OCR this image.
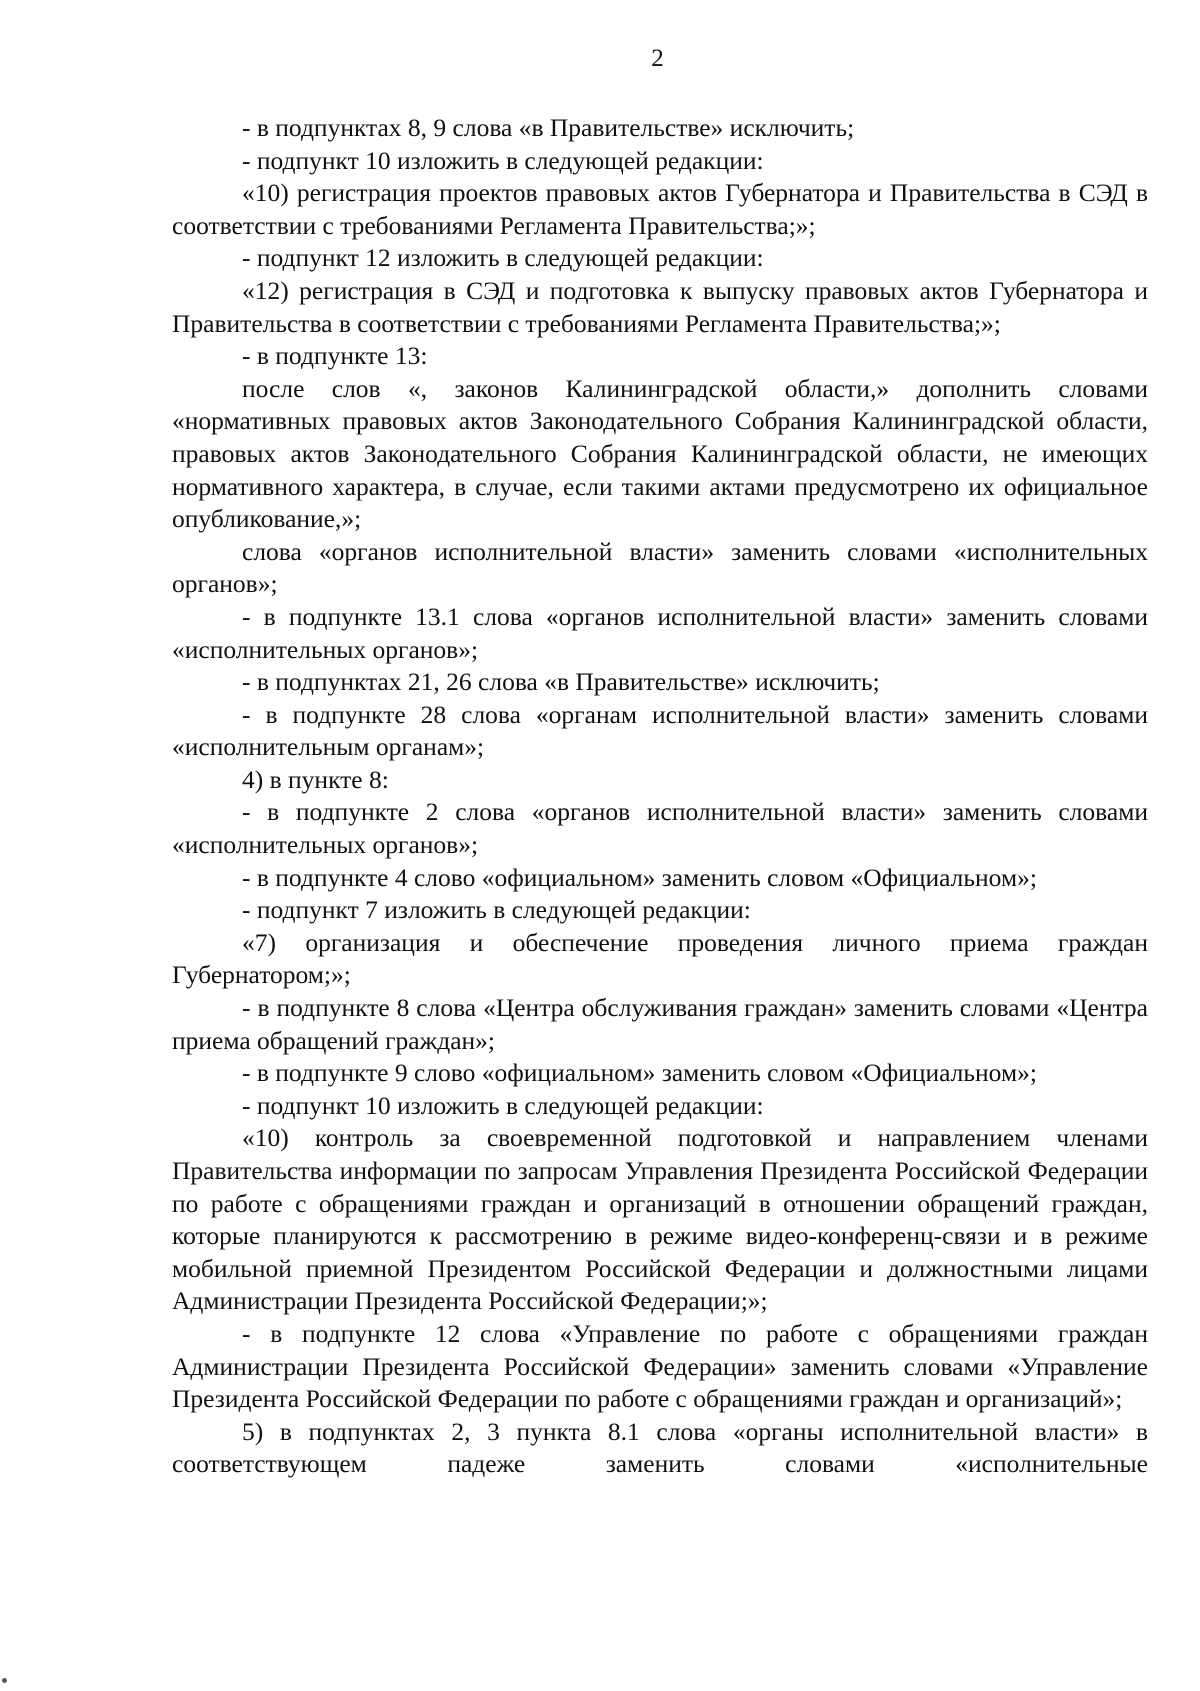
2

- в подпунктах 8, 9 слова «в Правительстве» исключить;

- подпункт 10 изложить в следующей редакции:

«10) регистрация проектов правовых актов Губернатора и Правительства в СЭД в соответствии с требованиями Регламента Правительства;»;

- подпункт 12 изложить в следующей редакции:

«12) регистрация в СЭД и подготовка к выпуску правовых актов Губернатора и Правительства в соответствии с требованиями Регламента Правительства;»;

- в подпункте 13:

после слов «, законов Калининградской области,» дополнить словами «нормативных правовых актов Законодательного Собрания Калининградской области, правовых актов Законодательного Собрания Калининградской области, не имеющих нормативного характера, в случае, если такими актами предусмотрено их официальное опубликование,»;

слова «органов исполнительной власти» заменить словами «исполнительных органов»;

- в подпункте 13.1 слова «органов исполнительной власти» заменить словами «исполнительных органов»;

- в подпунктах 21, 26 слова «в Правительстве» исключить;

- в подпункте 28 слова «органам исполнительной власти» заменить словами «исполнительным органам»;

4) в пункте 8:

- в подпункте 2 слова «органов исполнительной власти» заменить словами «исполнительных органов»;

- в подпункте 4 слово «официальном» заменить словом «Официальном»;

- подпункт 7 изложить в следующей редакции:

«7) организация и обеспечение проведения личного приема граждан Губернатором;»;

- в подпункте 8 слова «Центра обслуживания граждан» заменить словами «Центра приема обращений граждан»;

- в подпункте 9 слово «официальном» заменить словом «Официальном»;

- подпункт 10 изложить в следующей редакции:

«10) контроль за своевременной подготовкой и направлением членами Правительства информации по запросам Управления Президента Российской Федерации по работе с обращениями граждан и организаций в отношении обращений граждан, которые планируются к рассмотрению в режиме видео-конференц-связи и в режиме мобильной приемной Президентом Российской Федерации и должностными лицами Администрации Президента Российской Федерации;»;

- в подпункте 12 слова «Управление по работе с обращениями граждан Администрации Президента Российской Федерации» заменить словами «Управление Президента Российской Федерации по работе с обращениями граждан и организаций»;

5) в подпунктах 2, 3 пункта 8.1 слова «органы исполнительной власти» в соответствующем падеже заменить словами «исполнительные
